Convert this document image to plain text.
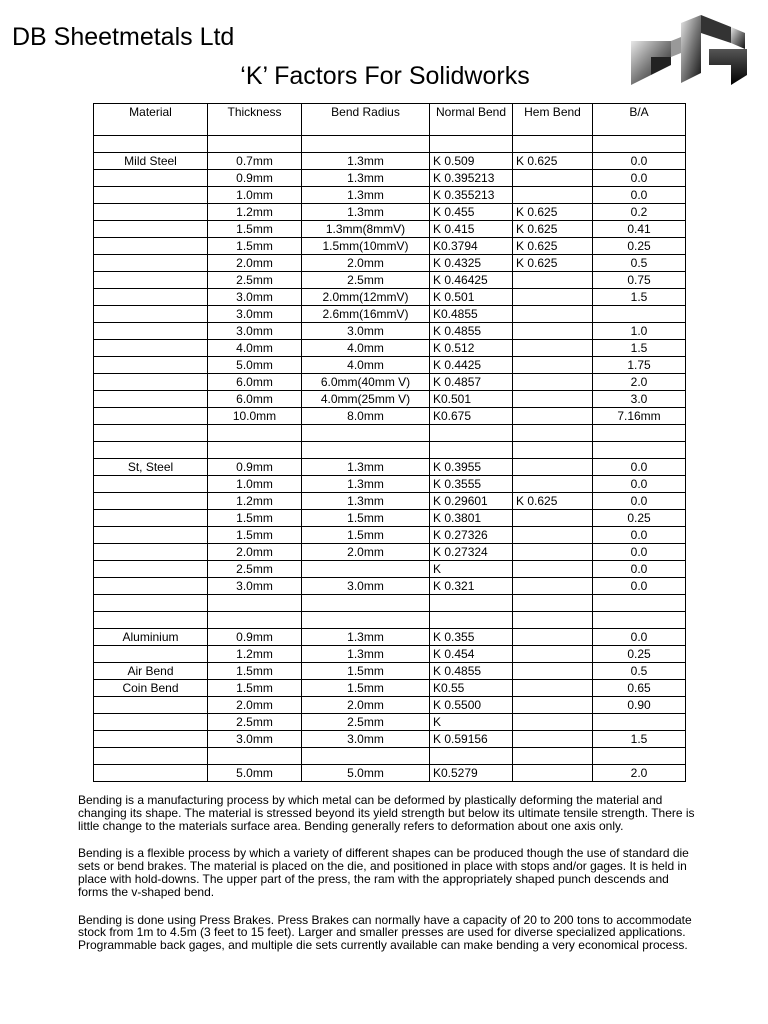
DB Sheetmetals Ltd
‘K’ Factors For Solidworks
Material	Thickness	Bend Radius	Normal Bend	Hem Bend	B/A

Mild Steel	0.7mm	1.3mm	K 0.509	K 0.625	0.0
	0.9mm	1.3mm	K 0.395213		0.0
	1.0mm	1.3mm	K 0.355213		0.0
	1.2mm	1.3mm	K 0.455	K 0.625	0.2
	1.5mm	1.3mm(8mmV)	K 0.415	K 0.625	0.41
	1.5mm	1.5mm(10mmV)	K0.3794	K 0.625	0.25
	2.0mm	2.0mm	K 0.4325	K 0.625	0.5
	2.5mm	2.5mm	K 0.46425		0.75
	3.0mm	2.0mm(12mmV)	K 0.501		1.5
	3.0mm	2.6mm(16mmV)	K0.4855		
	3.0mm	3.0mm	K 0.4855		1.0
	4.0mm	4.0mm	K 0.512		1.5
	5.0mm	4.0mm	K 0.4425		1.75
	6.0mm	6.0mm(40mm V)	K 0.4857		2.0
	6.0mm	4.0mm(25mm V)	K0.501		3.0
	10.0mm	8.0mm	K0.675		7.16mm

St, Steel	0.9mm	1.3mm	K 0.3955		0.0
	1.0mm	1.3mm	K 0.3555		0.0
	1.2mm	1.3mm	K 0.29601	K 0.625	0.0
	1.5mm	1.5mm	K 0.3801		0.25
	1.5mm	1.5mm	K 0.27326		0.0
	2.0mm	2.0mm	K 0.27324		0.0
	2.5mm		K		0.0
	3.0mm	3.0mm	K 0.321		0.0

Aluminium	0.9mm	1.3mm	K 0.355		0.0
	1.2mm	1.3mm	K 0.454		0.25
Air Bend	1.5mm	1.5mm	K 0.4855		0.5
Coin Bend	1.5mm	1.5mm	K0.55		0.65
	2.0mm	2.0mm	K 0.5500		0.90
	2.5mm	2.5mm	K		
	3.0mm	3.0mm	K 0.59156		1.5

	5.0mm	5.0mm	K0.5279		2.0

Bending is a manufacturing process by which metal can be deformed by plastically deforming the material and changing its shape. The material is stressed beyond its yield strength but below its ultimate tensile strength. There is little change to the materials surface area. Bending generally refers to deformation about one axis only.

Bending is a flexible process by which a variety of different shapes can be produced though the use of standard die sets or bend brakes. The material is placed on the die, and positioned in place with stops and/or gages. It is held in place with hold-downs. The upper part of the press, the ram with the appropriately shaped punch descends and forms the v-shaped bend.

Bending is done using Press Brakes. Press Brakes can normally have a capacity of 20 to 200 tons to accommodate stock from 1m to 4.5m (3 feet to 15 feet). Larger and smaller presses are used for diverse specialized applications. Programmable back gages, and multiple die sets currently available can make bending a very economical process.
